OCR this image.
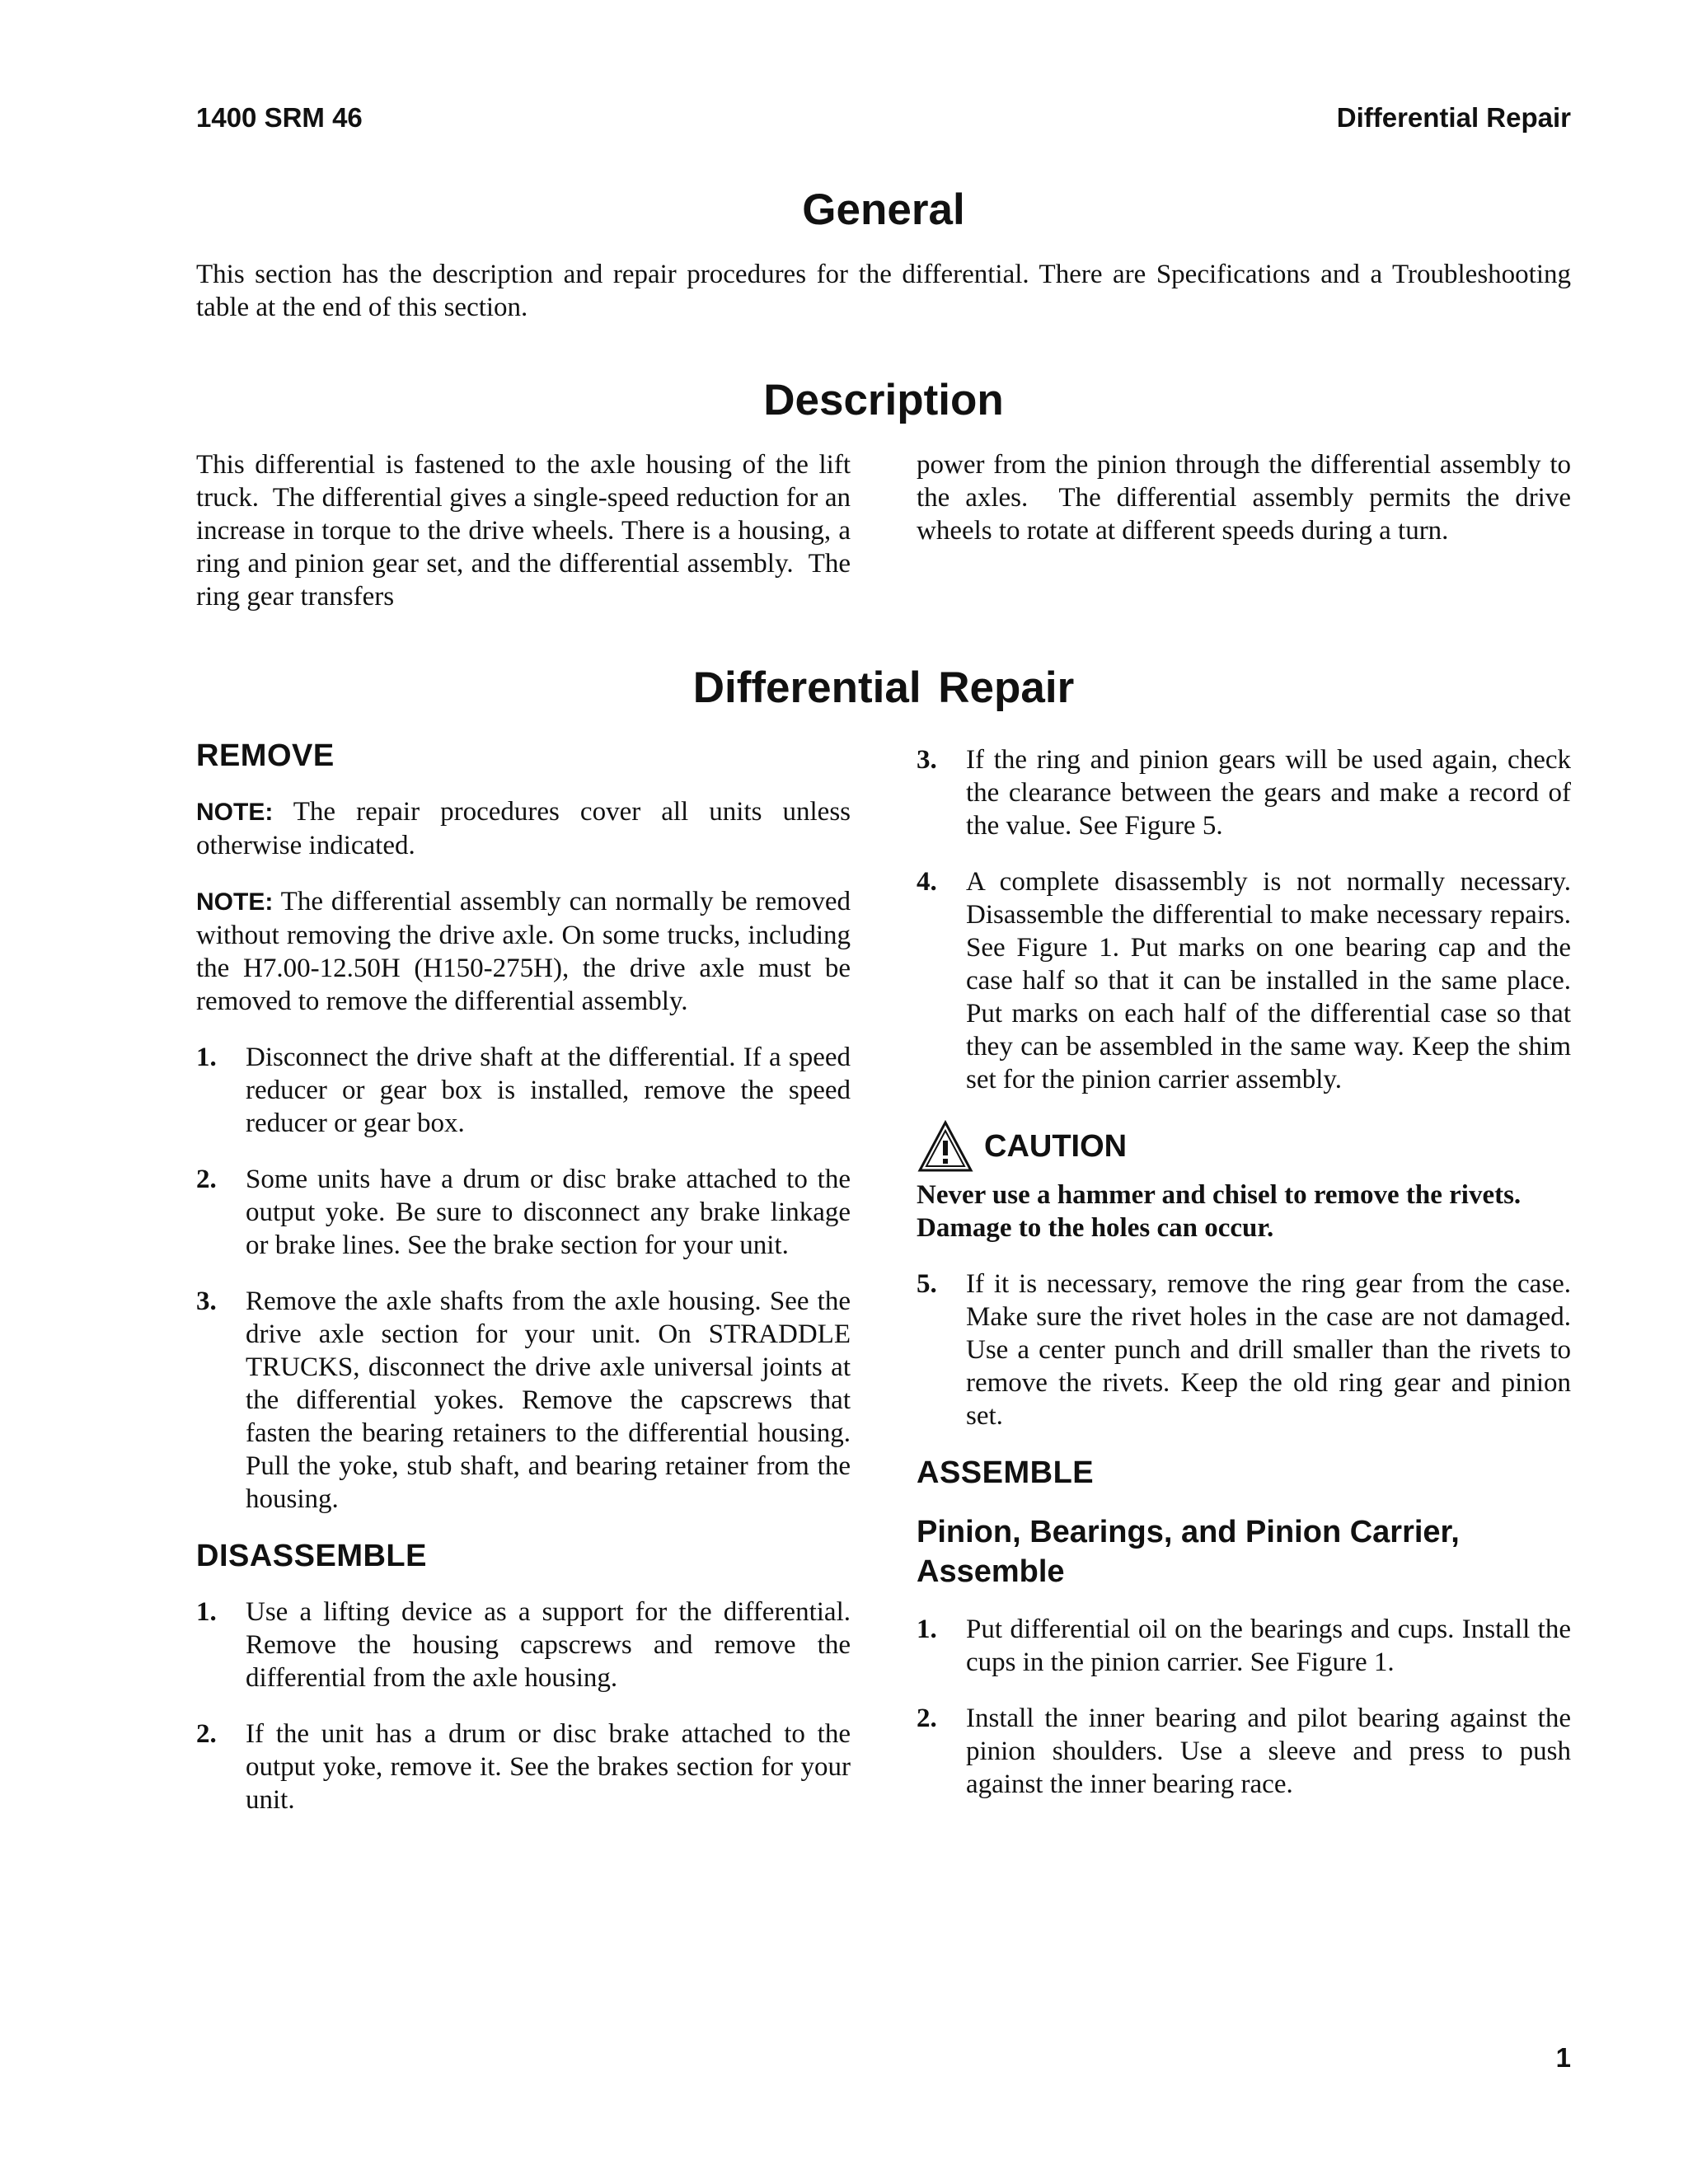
1400 SRM 46	Differential Repair
General

This section has the description and repair procedures for the differential. There are Specifications and a Troubleshooting table at the end of this section.

Description

This differential is fastened to the axle housing of the lift truck.  The differential gives a single-speed reduction for an increase in torque to the drive wheels. There is a housing, a ring and pinion gear set, and the differential assembly.  The ring gear transfers

power from the pinion through the differential assembly to the axles.  The differential assembly permits the drive wheels to rotate at different speeds during a turn.

Differential Repair
REMOVE

NOTE: The repair procedures cover all units unless otherwise indicated.

NOTE: The differential assembly can normally be removed without removing the drive axle. On some trucks, including the H7.00-12.50H (H150-275H), the drive axle must be removed to remove the differential assembly.

1.	Disconnect the drive shaft at the differential. If a speed reducer or gear box is installed, remove the speed reducer or gear box.
2.	Some units have a drum or disc brake attached to the output yoke. Be sure to disconnect any brake linkage or brake lines. See the brake section for your unit.
3.	Remove the axle shafts from the axle housing. See the drive axle section for your unit. On STRADDLE TRUCKS, disconnect the drive axle universal joints at the differential yokes. Remove the capscrews that fasten the bearing retainers to the differential housing. Pull the yoke, stub shaft, and bearing retainer from the housing.
DISASSEMBLE
1.	Use a lifting device as a support for the differential. Remove the housing capscrews and remove the differential from the axle housing.
2.	If the unit has a drum or disc brake attached to the output yoke, remove it. See the brakes section for your unit.
3.	If the ring and pinion gears will be used again, check the clearance between the gears and make a record of the value. See Figure 5.
4.	A complete disassembly is not normally necessary. Disassemble the differential to make necessary repairs. See Figure 1. Put marks on one bearing cap and the case half so that it can be installed in the same place. Put marks on each half of the differential case so that they can be assembled in the same way. Keep the shim set for the pinion carrier assembly.
CAUTION

Never use a hammer and chisel to remove the rivets. Damage to the holes can occur.

5.	If it is necessary, remove the ring gear from the case. Make sure the rivet holes in the case are not damaged. Use a center punch and drill smaller than the rivets to remove the rivets. Keep the old ring gear and pinion set.
ASSEMBLE
Pinion, Bearings, and Pinion Carrier, Assemble
1.	Put differential oil on the bearings and cups. Install the cups in the pinion carrier. See Figure 1.
2.	Install the inner bearing and pilot bearing against the pinion shoulders. Use a sleeve and press to push against the inner bearing race.
1
